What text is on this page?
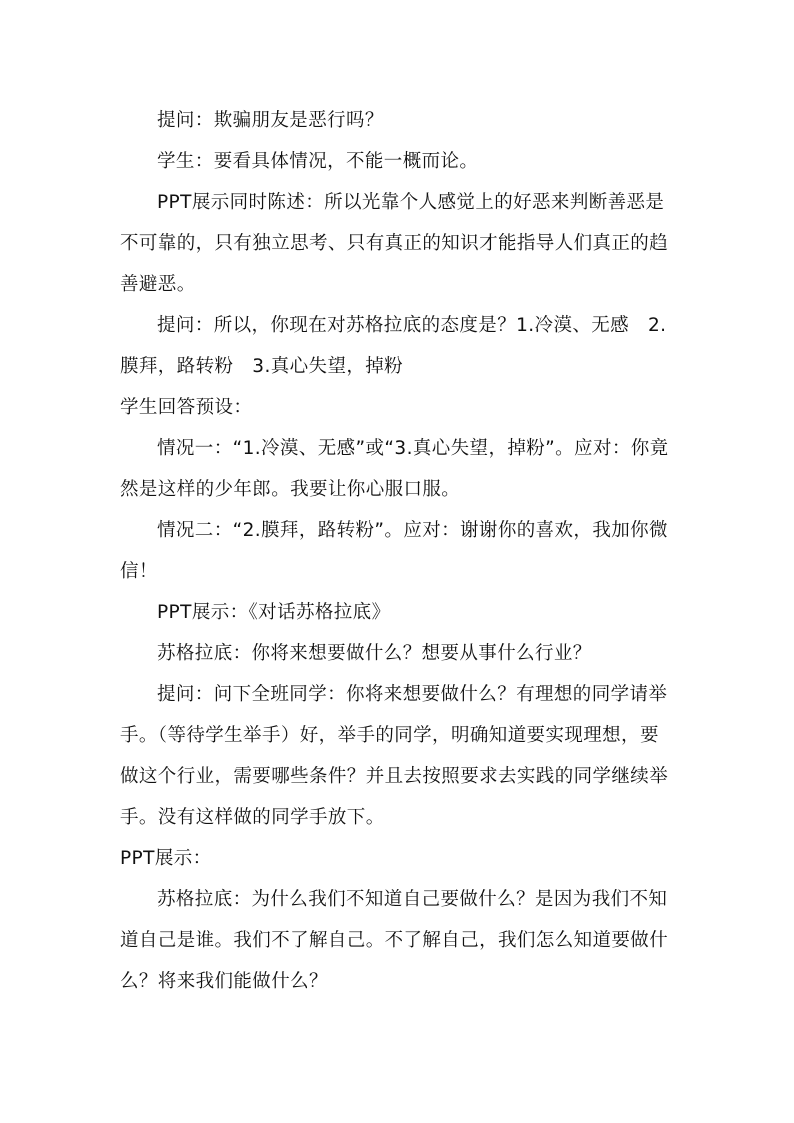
提问：欺骗朋友是恶行吗？

学生：要看具体情况，不能一概而论。

PPT展示同时陈述：所以光靠个人感觉上的好恶来判断善恶是不可靠的，只有独立思考、只有真正的知识才能指导人们真正的趋善避恶。

提问：所以，你现在对苏格拉底的态度是？1.冷漠、无感　2.膜拜，路转粉　3.真心失望，掉粉

学生回答预设：

情况一：“1.冷漠、无感”或“3.真心失望，掉粉”。应对：你竟然是这样的少年郎。我要让你心服口服。

情况二：“2.膜拜，路转粉”。应对：谢谢你的喜欢，我加你微信！

PPT展示：《对话苏格拉底》

苏格拉底：你将来想要做什么？想要从事什么行业？

提问：问下全班同学：你将来想要做什么？有理想的同学请举手。（等待学生举手）好，举手的同学，明确知道要实现理想，要做这个行业，需要哪些条件？并且去按照要求去实践的同学继续举手。没有这样做的同学手放下。

PPT展示：

苏格拉底：为什么我们不知道自己要做什么？是因为我们不知道自己是谁。我们不了解自己。不了解自己，我们怎么知道要做什么？将来我们能做什么？
